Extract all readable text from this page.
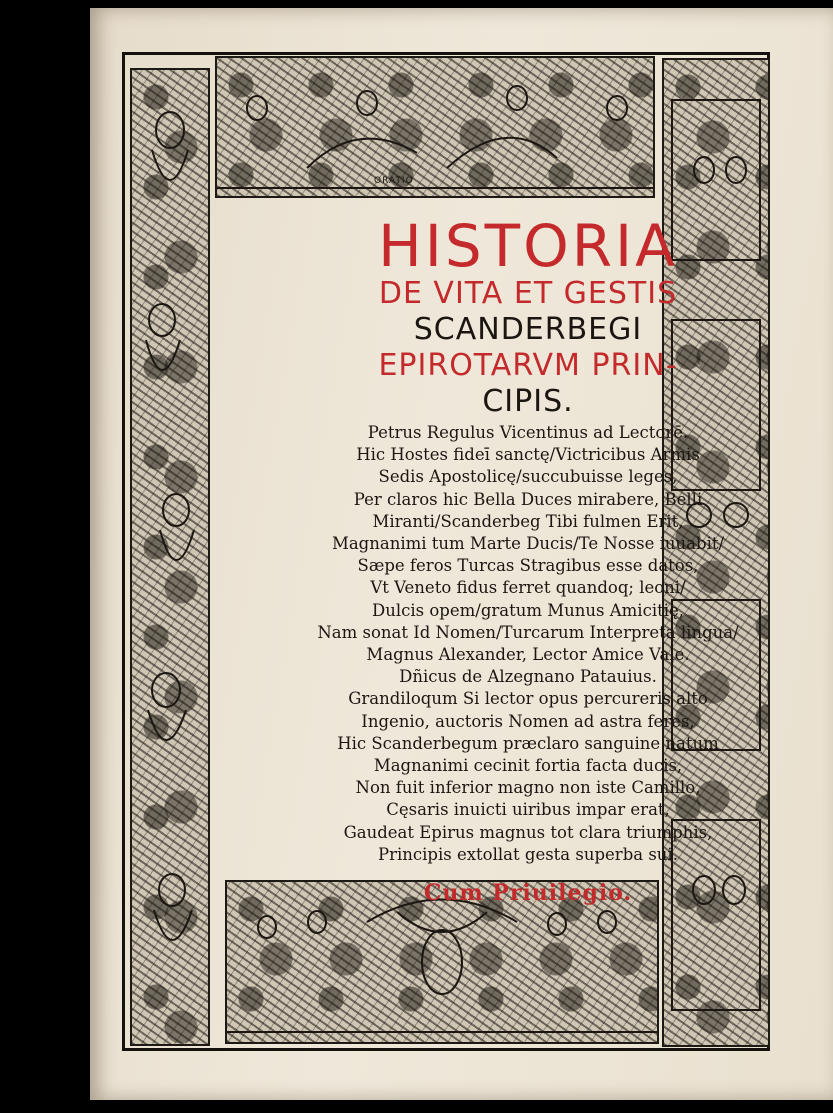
ORATIO
HISTORIA
DE VITA ET GESTIS
SCANDERBEGI
EPIROTARVM PRIN-
CIPIS.
Petrus Regulus Vicentinus ad Lectorē.
Hic Hostes fideī sanctę/Victricibus Armis
Sedis Apostolicę/succubuisse leges,
Per claros hic Bella Duces mirabere, Belli
Miranti/Scanderbeg Tibi fulmen Erit,
Magnanimi tum Marte Ducis/Te Nosse iuuabit/
Sæpe feros Turcas Stragibus esse datos,
Vt Veneto fidus ferret quandoq; leoni/
Dulcis opem/gratum Munus Amicitię,
Nam sonat Id Nomen/Turcarum Interpreta lingua/
Magnus Alexander, Lector Amice Vale.
Dñicus de Alzegnano Patauius.
Grandiloqum Si lector opus percureris alto
Ingenio, auctoris Nomen ad astra feres,
Hic Scanderbegum præclaro sanguine natum
Magnanimi cecinit fortia facta ducis,
Non fuit inferior magno non iste Camillo,
Cęsaris inuicti uiribus impar erat,
Gaudeat Epirus magnus tot clara triumphis,
Principis extollat gesta superba sui.
Cum Priuilegio.
